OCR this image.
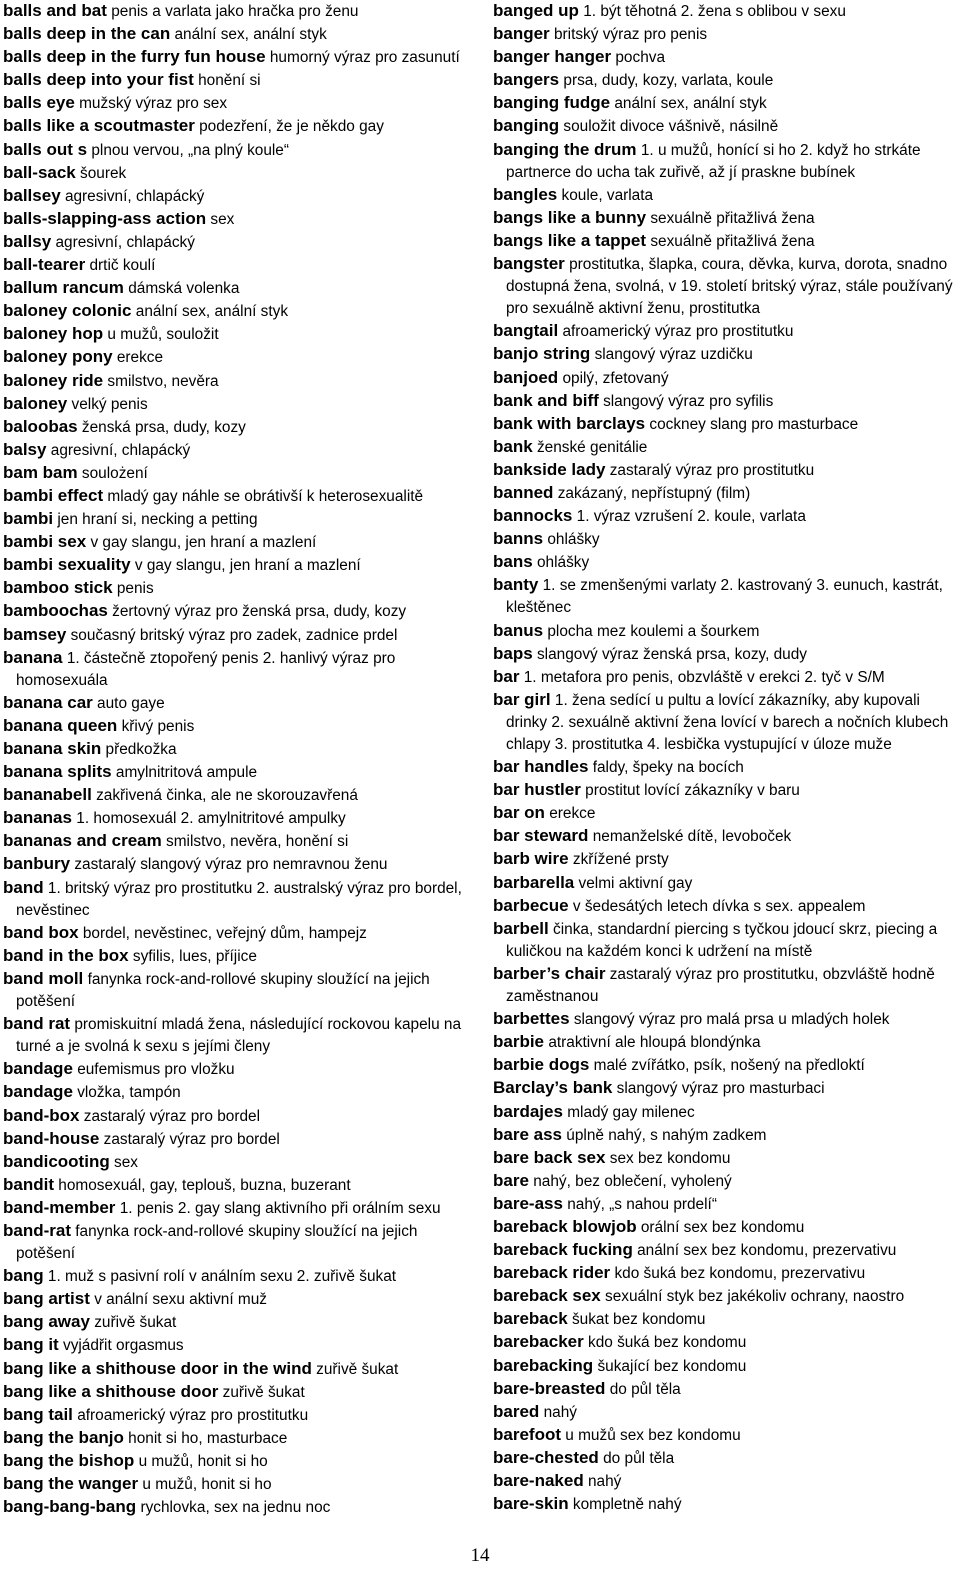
balls and bat penis a varlata jako hračka pro ženu

balls deep in the can anální sex, anální styk

balls deep in the furry fun house humorný výraz pro zasunutí

balls deep into your fist honění si

balls eye mužský výraz pro sex

balls like a scoutmaster podezření, že je někdo gay

balls out s plnou vervou, „na plný koule“

ball-sack šourek

ballsey agresivní, chlapácký

balls-slapping-ass action sex

ballsy agresivní, chlapácký

ball-tearer drtič koulí

ballum rancum dámská volenka

baloney colonic anální sex, anální styk

baloney hop u mužů, souložit

baloney pony erekce

baloney ride smilstvo, nevěra

baloney velký penis

baloobas ženská prsa, dudy, kozy

balsy agresivní, chlapácký

bam bam soulożení

bambi effect mladý gay náhle se obrátivší k heterosexualitě

bambi jen hraní si, necking a petting

bambi sex v gay slangu, jen hraní a mazlení

bambi sexuality v gay slangu, jen hraní a mazlení

bamboo stick penis

bamboochas žertovný výraz pro ženská prsa, dudy, kozy

bamsey současný britský výraz pro zadek, zadnice prdel

banana 1. částečně ztopořený penis 2. hanlivý výraz pro homosexuála

banana car auto gaye

banana queen křivý penis

banana skin předkožka

banana splits amylnitritová ampule

bananabell zakřivená činka, ale ne skorouzavřená

bananas 1. homosexuál 2. amylnitritové ampulky

bananas and cream smilstvo, nevěra, honění si

banbury zastaralý slangový výraz pro nemravnou ženu

band 1. britský výraz pro prostitutku 2. australský výraz pro bordel, nevěstinec

band box bordel, nevěstinec, veřejný dům, hampejz

band in the box syfilis, lues, příjice

band moll fanynka rock-and-rollové skupiny sloužící na jejich potěšení

band rat promiskuitní mladá žena, následující rockovou kapelu na turné a je svolná k sexu s jejími členy

bandage eufemismus pro vložku

bandage vložka, tampón

band-box zastaralý výraz pro bordel

band-house zastaralý výraz pro bordel

bandicooting sex

bandit homosexuál, gay, teplouš, buzna, buzerant

band-member 1. penis 2. gay slang aktivního při orálním sexu

band-rat fanynka rock-and-rollové skupiny sloužící na jejich potěšení

bang 1. muž s pasivní rolí v análním sexu 2. zuřivě šukat

bang artist v anální sexu aktivní muž

bang away zuřivě šukat

bang it vyjádřit orgasmus

bang like a shithouse door in the wind zuřivě šukat

bang like a shithouse door zuřivě šukat

bang tail afroamerický výraz pro prostitutku

bang the banjo honit si ho, masturbace

bang the bishop u mužů, honit si ho

bang the wanger u mužů, honit si ho

bang-bang-bang rychlovka, sex na jednu noc

banged up 1. být těhotná 2. žena s oblibou v sexu

banger britský výraz pro penis

banger hanger pochva

bangers prsa, dudy, kozy, varlata, koule

banging fudge anální sex, anální styk

banging souložit divoce vášnivě, násilně

banging the drum 1. u mužů, honící si ho 2. když ho strkáte partnerce do ucha tak zuřivě, až jí praskne bubínek

bangles koule, varlata

bangs like a bunny sexuálně přitažlivá žena

bangs like a tappet sexuálně přitažlivá žena

bangster prostitutka, šlapka, coura, děvka, kurva, dorota, snadno dostupná žena, svolná, v 19. století britský výraz, stále používaný pro sexuálně aktivní ženu, prostitutka

bangtail afroamerický výraz pro prostitutku

banjo string slangový výraz uzdičku

banjoed opilý, zfetovaný

bank and biff slangový výraz pro syfilis

bank with barclays cockney slang pro masturbace

bank ženské genitálie

bankside lady zastaralý výraz pro prostitutku

banned zakázaný, nepřístupný (film)

bannocks 1. výraz vzrušení 2. koule, varlata

banns ohlášky

bans ohlášky

banty 1. se zmenšenými varlaty 2. kastrovaný 3. eunuch, kastrát, kleštěnec

banus plocha mez koulemi a šourkem

baps slangový výraz ženská prsa, kozy, dudy

bar 1. metafora pro penis, obzvláště v erekci 2. tyč v S/M

bar girl 1. žena sedící u pultu a lovící zákazníky, aby kupovali drinky 2. sexuálně aktivní žena lovící v barech a nočních klubech chlapy 3. prostitutka 4. lesbička vystupující v úloze muže

bar handles faldy, špeky na bocích

bar hustler prostitut lovící zákazníky v baru

bar on erekce

bar steward nemanželské dítě, levoboček

barb wire zkřížené prsty

barbarella velmi aktivní gay

barbecue v šedesátých letech dívka s sex. appealem

barbell činka, standardní piercing s tyčkou jdoucí skrz, piecing a kuličkou na každém konci k udržení na místě

barber’s chair zastaralý výraz pro prostitutku, obzvláště hodně zaměstnanou

barbettes slangový výraz pro malá prsa u mladých holek

barbie atraktivní ale hloupá blondýnka

barbie dogs malé zvířátko, psík, nošený na předloktí

Barclay’s bank slangový výraz pro masturbaci

bardajes mladý gay milenec

bare ass úplně nahý, s nahým zadkem

bare back sex sex bez kondomu

bare nahý, bez oblečení, vyholený

bare-ass nahý, „s nahou prdelí“

bareback blowjob orální sex bez kondomu

bareback fucking anální sex bez kondomu, prezervativu

bareback rider kdo šuká bez kondomu, prezervativu

bareback sex sexuální styk bez jakékoliv ochrany, naostro

bareback šukat bez kondomu

barebacker kdo šuká bez kondomu

barebacking šukající bez kondomu

bare-breasted do půl těla

bared nahý

barefoot u mužů sex bez kondomu

bare-chested do půl těla

bare-naked nahý

bare-skin kompletně nahý

14
